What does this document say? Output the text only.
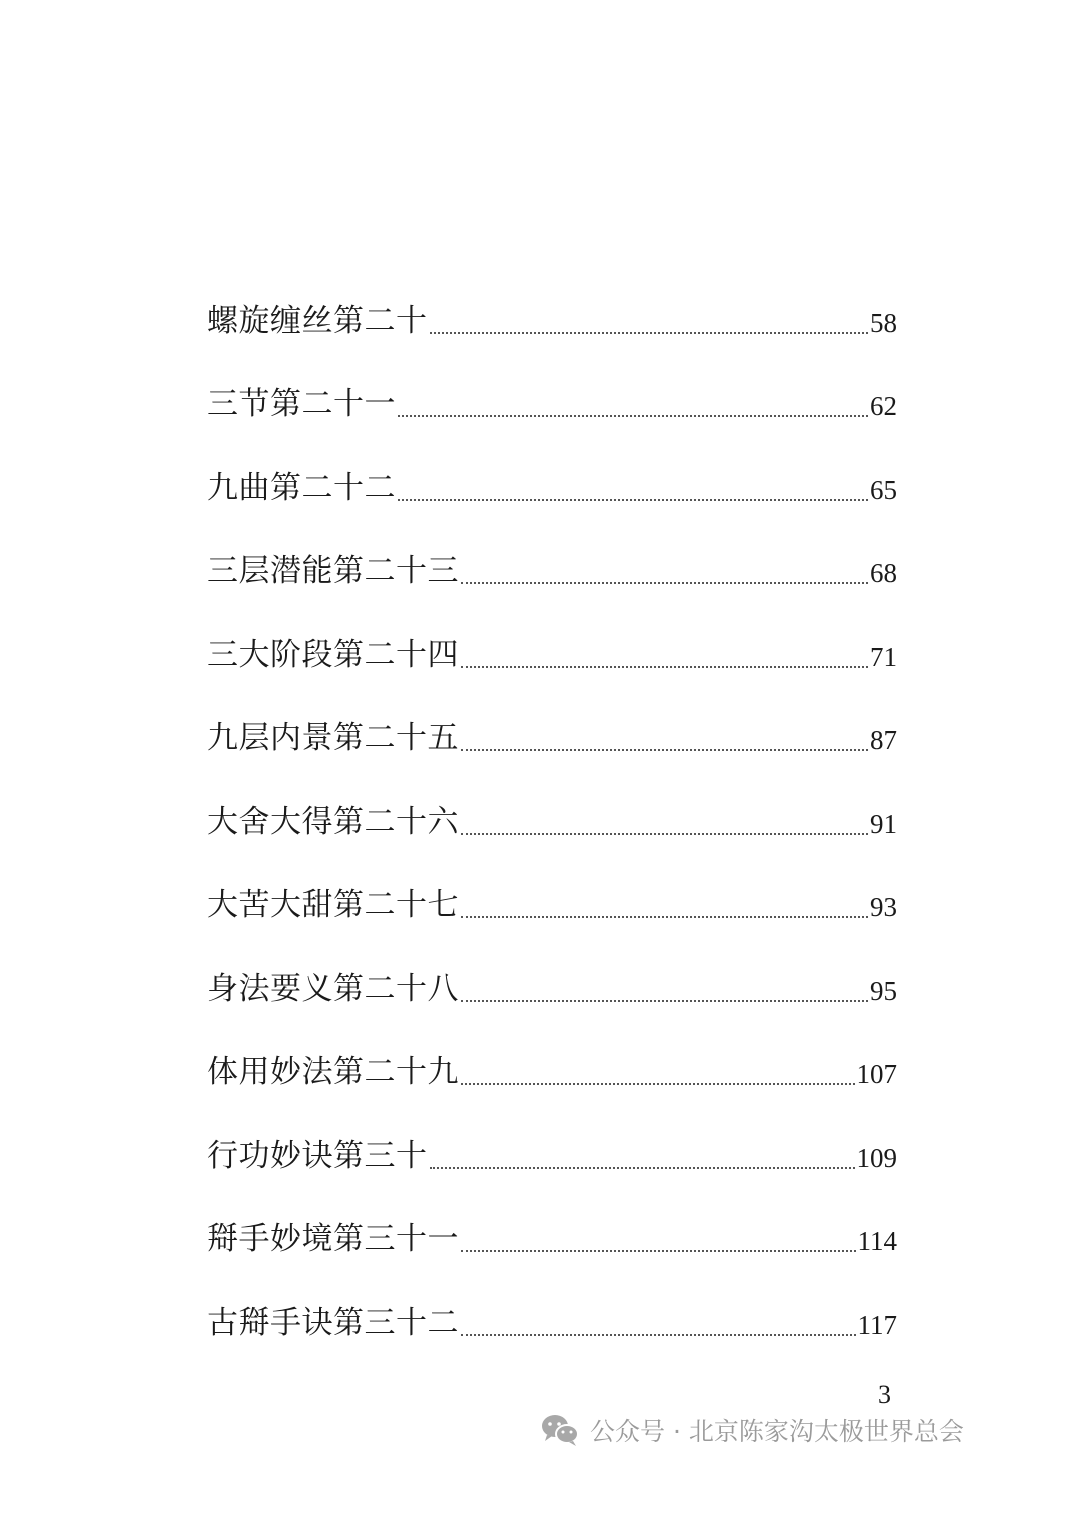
螺旋缠丝第二十	58
三节第二十一	62
九曲第二十二	65
三层潜能第二十三	68
三大阶段第二十四	71
九层内景第二十五	87
大舍大得第二十六	91
大苦大甜第二十七	93
身法要义第二十八	95
体用妙法第二十九	107
行功妙诀第三十	109
搿手妙境第三十一	114
古搿手诀第三十二	117
3
公众号 · 北京陈家沟太极世界总会
